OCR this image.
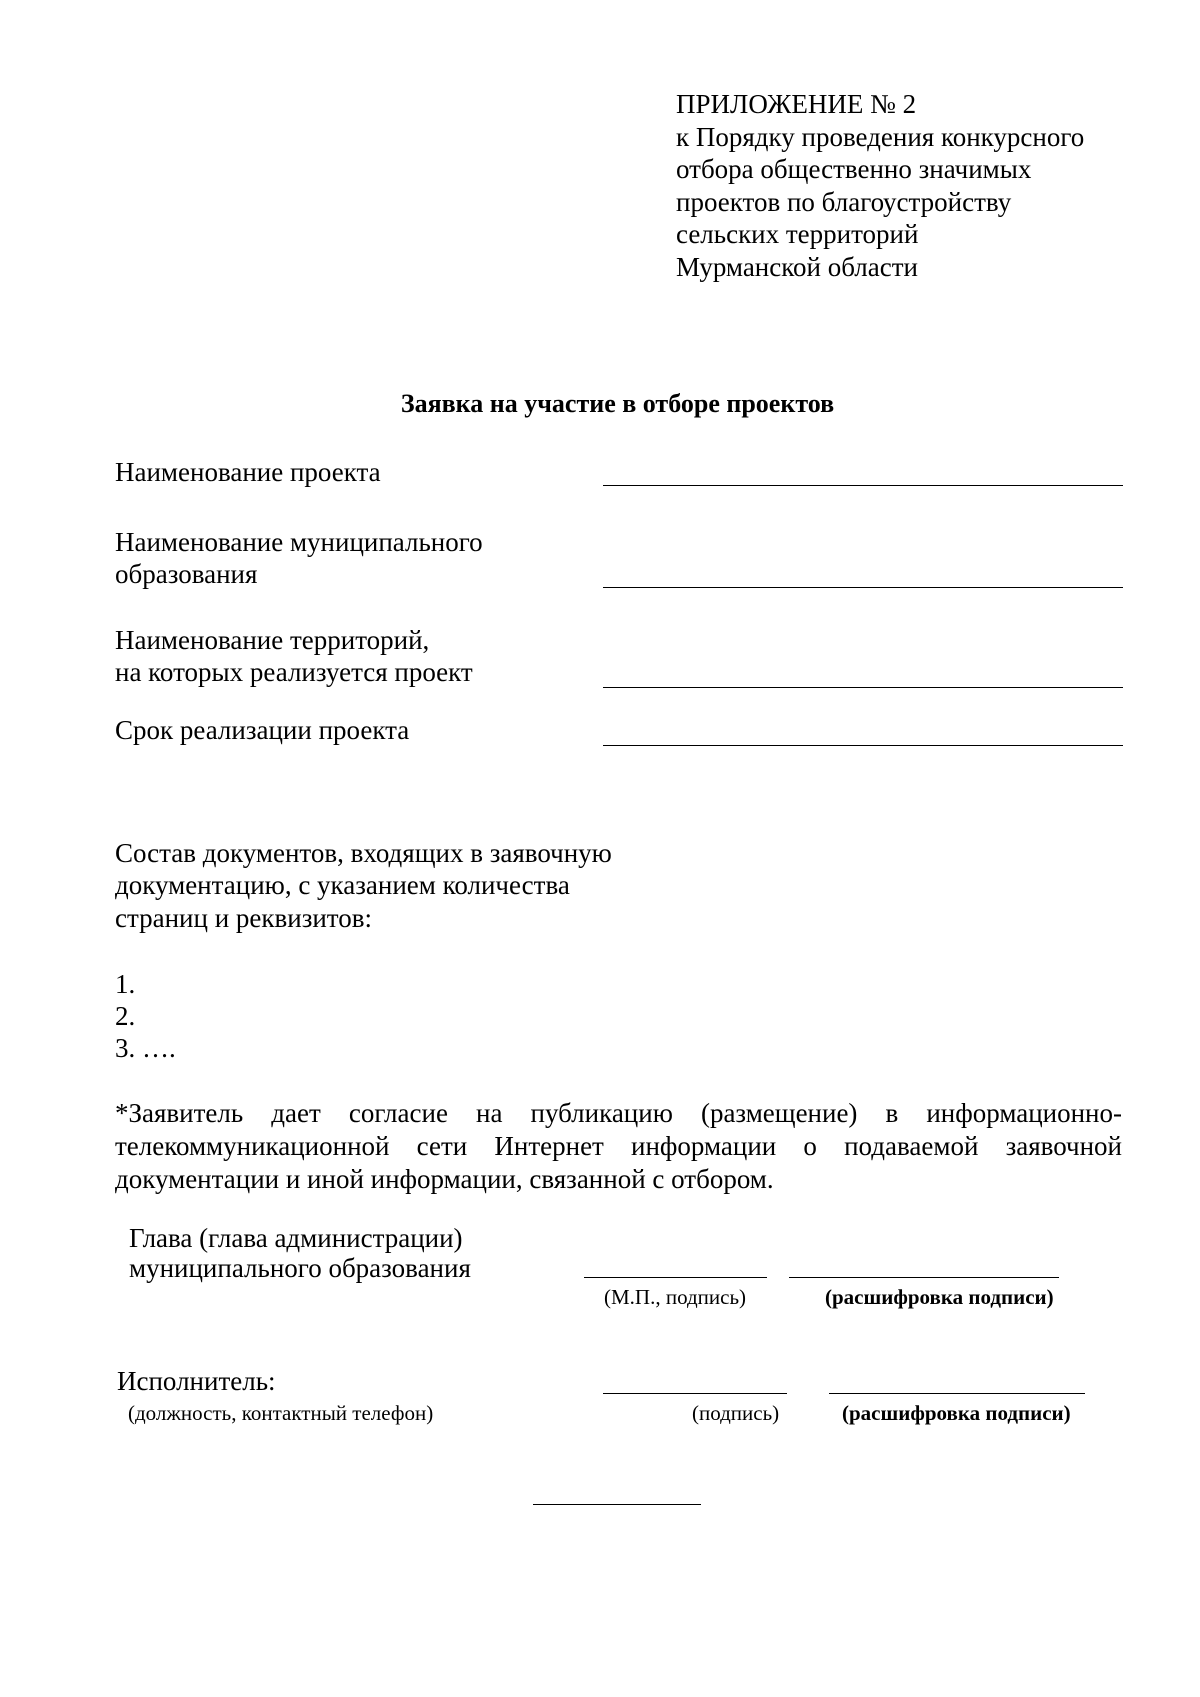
ПРИЛОЖЕНИЕ № 2
к Порядку проведения конкурсного
отбора общественно значимых
проектов по благоустройству
сельских территорий
Мурманской области
Заявка на участие в отборе проектов
Наименование проекта
Наименование муниципального
образования
Наименование территорий,
на которых реализуется проект
Срок реализации проекта
Состав документов, входящих в заявочную
документацию, с указанием количества
страниц и реквизитов:
1.
2.
3. ….
*Заявитель дает согласие на публикацию (размещение) в информационно-телекоммуникационной сети Интернет информации о подаваемой заявочной документации и иной информации, связанной с отбором.
Глава (глава администрации)
муниципального образования
(М.П., подпись)	(расшифровка подписи)
Исполнитель:
(должность, контактный телефон)	(подпись)	(расшифровка подписи)
